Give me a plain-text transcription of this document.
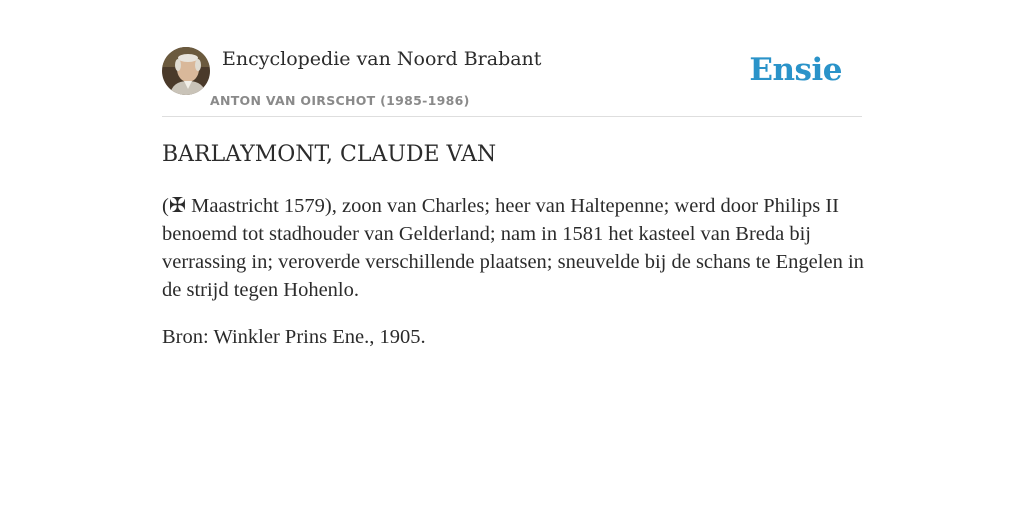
Encyclopedie van Noord Brabant
ANTON VAN OIRSCHOT (1985-1986)
Ensie
BARLAYMONT, CLAUDE VAN

(✠ Maastricht 1579), zoon van Charles; heer van Haltepenne; werd door Philips II benoemd tot stadhouder van Gelderland; nam in 1581 het kasteel van Breda bij verrassing in; veroverde verschillende plaatsen; sneuvelde bij de schans te Engelen in de strijd tegen Hohenlo.

Bron: Winkler Prins Ene., 1905.
